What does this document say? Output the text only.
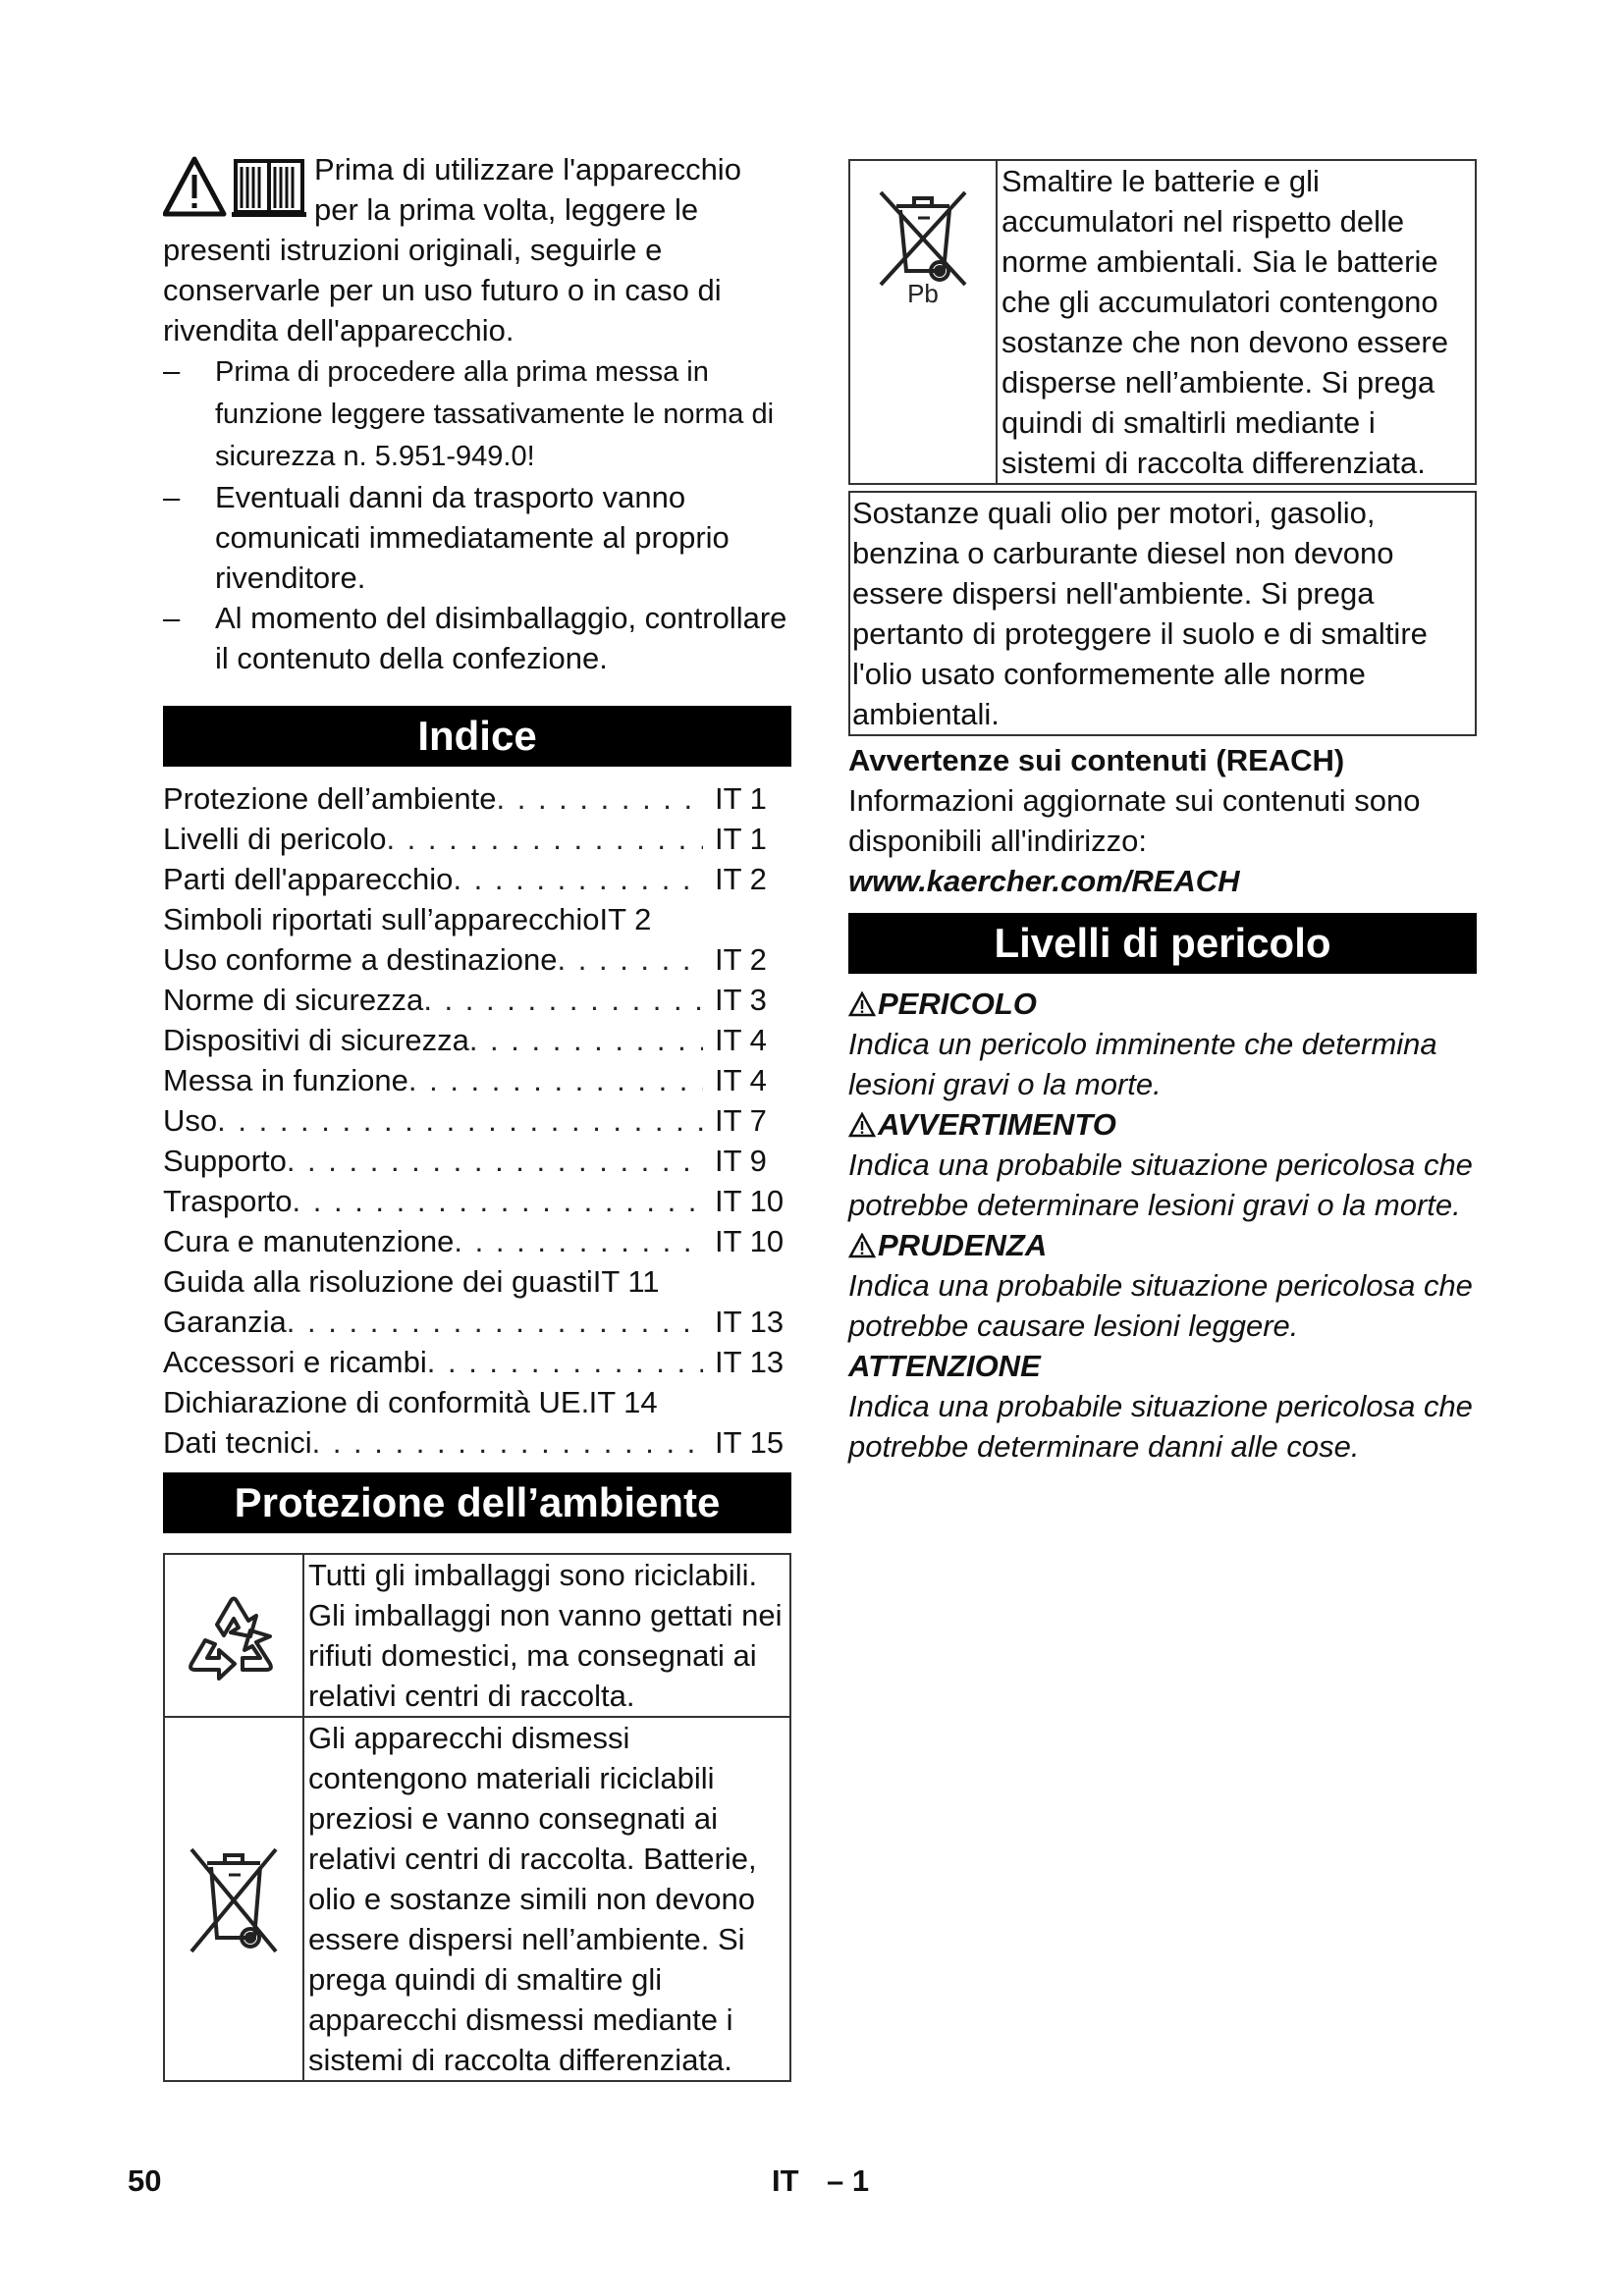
Prima di utilizzare l'apparecchio per la prima volta, leggere le presenti istruzioni originali, seguirle e conservarle per un uso futuro o in caso di rivendita dell'apparecchio.

– Prima di procedere alla prima messa in funzione leggere tassativamente le norma di sicurezza n. 5.951-949.0!
– Eventuali danni da trasporto vanno comunicati immediatamente al proprio rivenditore.
– Al momento del disimballaggio, controllare il contenuto della confezione.
Indice
Protezione dell’ambiente . . .	IT 1
Livelli di pericolo . . .	IT 1
Parti dell'apparecchio . . .	IT 2
Simboli riportati sull’apparecchio IT 2
Uso conforme a destinazione . . .	IT 2
Norme di sicurezza . . .	IT 3
Dispositivi di sicurezza . . .	IT 4
Messa in funzione . . .	IT 4
Uso . . .	IT 7
Supporto . . .	IT 9
Trasporto . . .	IT 10
Cura e manutenzione . . .	IT 10
Guida alla risoluzione dei guasti IT 11
Garanzia . . .	IT 13
Accessori e ricambi . . .	IT 13
Dichiarazione di conformità UE . . . IT 14
Dati tecnici . . .	IT 15
Protezione dell’ambiente
	Tutti gli imballaggi sono riciclabili. Gli imballaggi non vanno gettati nei rifiuti domestici, ma consegnati ai relativi centri di raccolta.

	Gli apparecchi dismessi contengono materiali riciclabili preziosi e vanno consegnati ai relativi centri di raccolta. Batterie, olio e sostanze simili non devono essere dispersi nell’ambiente. Si prega quindi di smaltire gli apparecchi dismessi mediante i sistemi di raccolta differenziata.
Pb
	Smaltire le batterie e gli accumulatori nel rispetto delle norme ambientali. Sia le batterie che gli accumulatori contengono sostanze che non devono essere disperse nell’ambiente. Si prega quindi di smaltirli mediante i sistemi di raccolta differenziata.
Sostanze quali olio per motori, gasolio, benzina o carburante diesel non devono essere dispersi nell'ambiente. Si prega pertanto di proteggere il suolo e di smaltire l'olio usato conformemente alle norme ambientali.
Avvertenze sui contenuti (REACH)
Informazioni aggiornate sui contenuti sono disponibili all'indirizzo:
www.kaercher.com/REACH
Livelli di pericolo
PERICOLO
Indica un pericolo imminente che determina lesioni gravi o la morte.
AVVERTIMENTO
Indica una probabile situazione pericolosa che potrebbe determinare lesioni gravi o la morte.
PRUDENZA
Indica una probabile situazione pericolosa che potrebbe causare lesioni leggere.
ATTENZIONE
Indica una probabile situazione pericolosa che potrebbe determinare danni alle cose.
50	IT – 1
